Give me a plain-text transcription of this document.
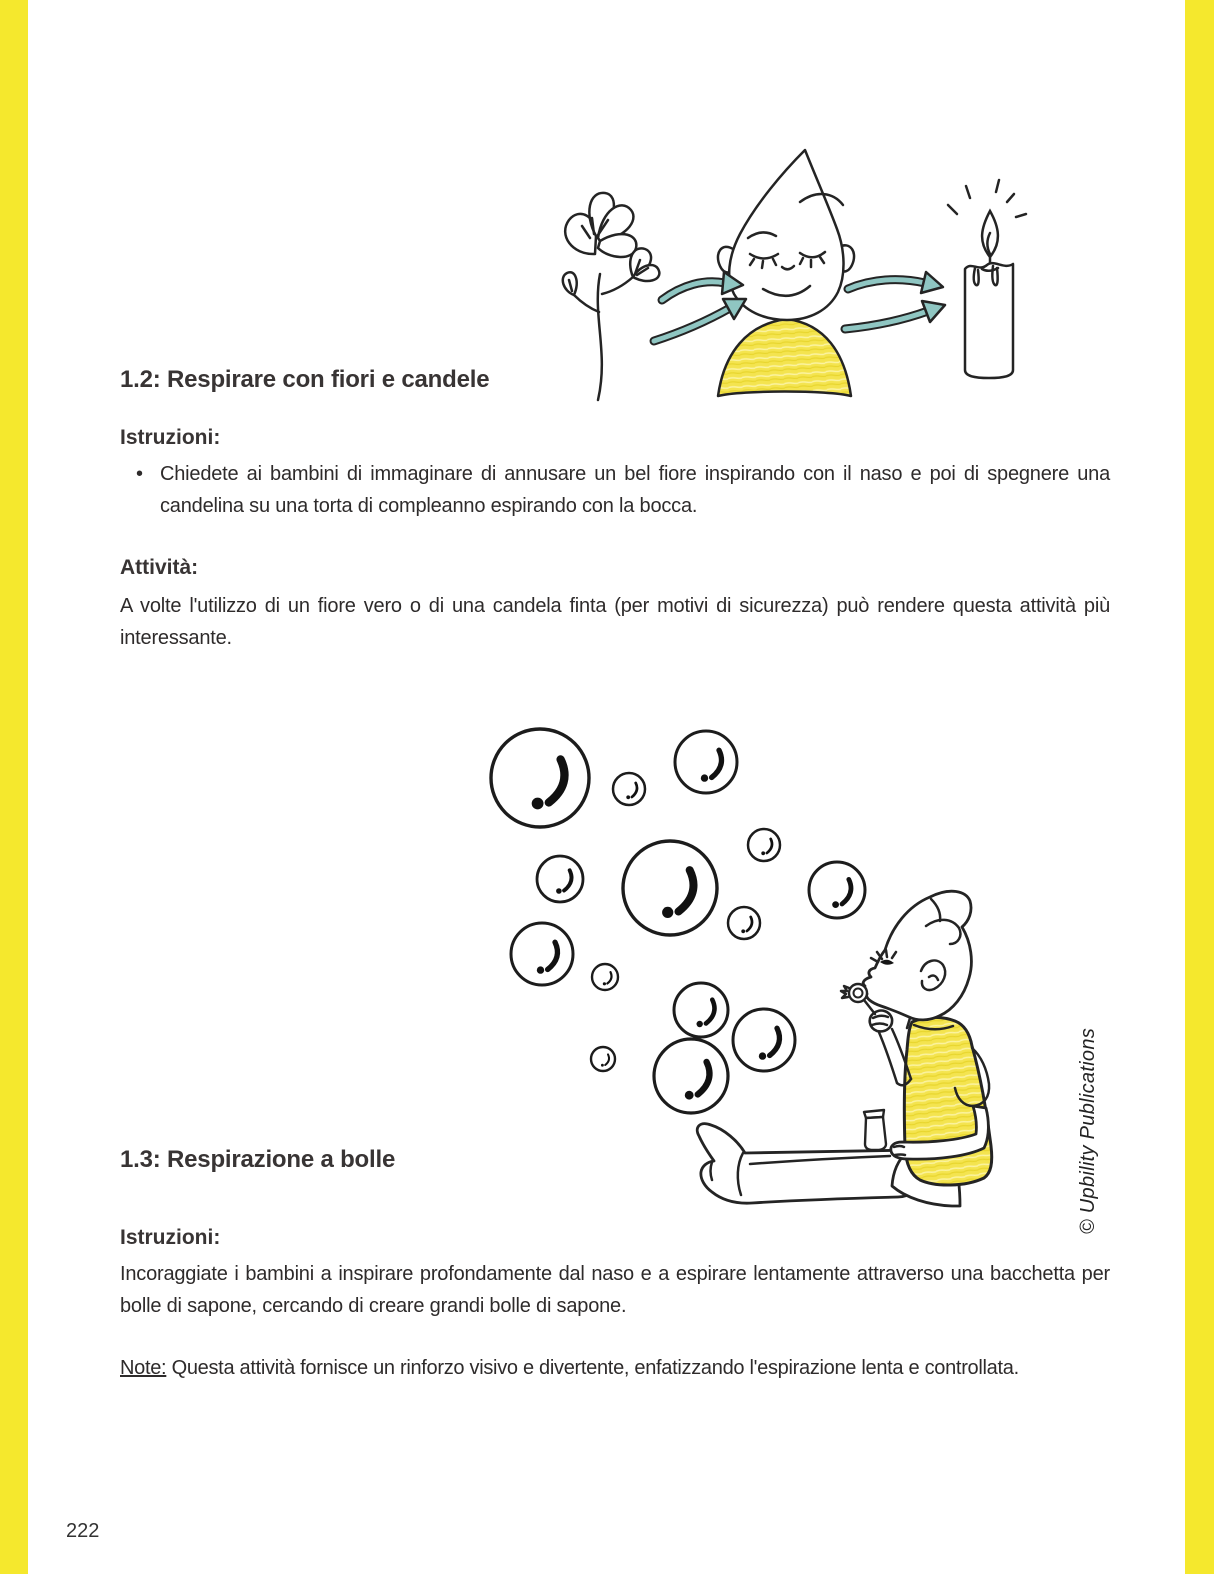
1.2: Respirare con fiori e candele
Istruzioni:
• Chiedete ai bambini di immaginare di annusare un bel fiore inspirando con il naso e poi di spegnere una candelina su una torta di compleanno espirando con la bocca.
Attività:

A volte l'utilizzo di un fiore vero o di una candela finta (per motivi di sicurezza) può rendere questa attività più interessante.

1.3: Respirazione a bolle
Istruzioni:

Incoraggiate i bambini a inspirare profondamente dal naso e a espirare lentamente attraverso una bacchetta per bolle di sapone, cercando di creare grandi bolle di sapone.

Note: Questa attività fornisce un rinforzo visivo e divertente, enfatizzando l'espirazione lenta e controllata.

© Upbility Publications
222
